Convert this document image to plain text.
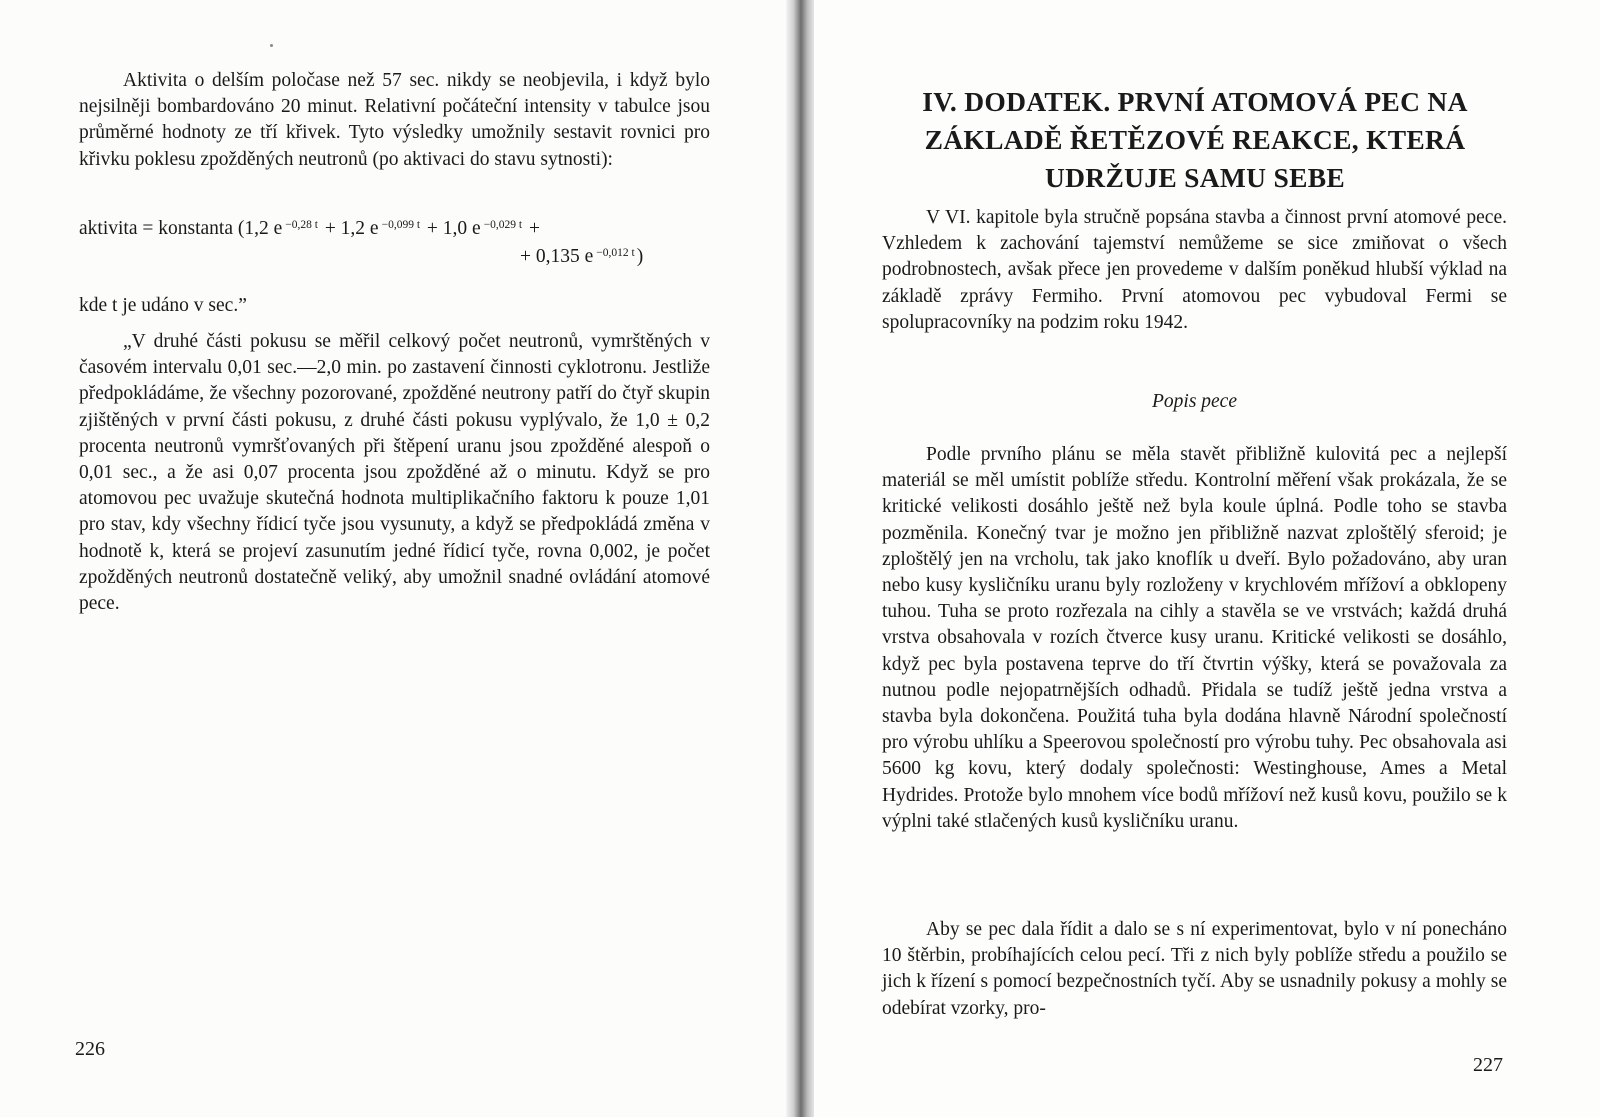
Aktivita o delším poločase než 57 sec. nikdy se neobjevila, i když bylo nejsilněji bombardováno 20 minut. Relativní počáteční intensity v tabulce jsou průměrné hodnoty ze tří křivek. Tyto výsledky umožnily sestavit rovnici pro křivku poklesu zpožděných neutronů (po aktivaci do stavu sytnosti):

aktivita = konstanta (1,2 e $^{-0,28 t}$ + 1,2 e $^{-0,099 t}$ + 1,0 e $^{-0,029 t}$ +
+ 0,135 e $^{-0,012 t}$ )

kde t je udáno v sec.”

„V druhé části pokusu se měřil celkový počet neutronů, vymrštěných v časovém intervalu 0,01 sec.—2,0 min. po zastavení činnosti cyklotronu. Jestliže předpokládáme, že všechny pozorované, zpožděné neutrony patří do čtyř skupin zjištěných v první části pokusu, z druhé části pokusu vyplývalo, že 1,0 ± 0,2 procenta neutronů vymršťovaných při štěpení uranu jsou zpožděné alespoň o 0,01 sec., a že asi 0,07 procenta jsou zpožděné až o minutu. Když se pro atomovou pec uvažuje skutečná hodnota multiplikačního faktoru k pouze 1,01 pro stav, kdy všechny řídicí tyče jsou vysunuty, a když se předpokládá změna v hodnotě k, která se projeví zasunutím jedné řídicí tyče, rovna 0,002, je počet zpožděných neutronů dostatečně veliký, aby umožnil snadné ovládání atomové pece.

226
IV. DODATEK. PRVNÍ ATOMOVÁ PEC NA ZÁKLADĚ ŘETĚZOVÉ REAKCE, KTERÁ UDRŽUJE SAMU SEBE

V VI. kapitole byla stručně popsána stavba a činnost první atomové pece. Vzhledem k zachování tajemství nemůžeme se sice zmiňovat o všech podrobnostech, avšak přece jen provedeme v dalším poněkud hlubší výklad na základě zprávy Fermiho. První atomovou pec vybudoval Fermi se spolupracovníky na podzim roku 1942.

Popis pece

Podle prvního plánu se měla stavět přibližně kulovitá pec a nejlepší materiál se měl umístit poblíže středu. Kontrolní měření však prokázala, že se kritické velikosti dosáhlo ještě než byla koule úplná. Podle toho se stavba pozměnila. Konečný tvar je možno jen přibližně nazvat zploštělý sferoid; je zploštělý jen na vrcholu, tak jako knoflík u dveří. Bylo požadováno, aby uran nebo kusy kysličníku uranu byly rozloženy v krychlovém mřížoví a obklopeny tuhou. Tuha se proto rozřezala na cihly a stavěla se ve vrstvách; každá druhá vrstva obsahovala v rozích čtverce kusy uranu. Kritické velikosti se dosáhlo, když pec byla postavena teprve do tří čtvrtin výšky, která se považovala za nutnou podle nejopatrnějších odhadů. Přidala se tudíž ještě jedna vrstva a stavba byla dokončena. Použitá tuha byla dodána hlavně Národní společností pro výrobu uhlíku a Speerovou společností pro výrobu tuhy. Pec obsahovala asi 5600 kg kovu, který dodaly společnosti: Westinghouse, Ames a Metal Hydrides. Protože bylo mnohem více bodů mřížoví než kusů kovu, použilo se k výplni také stlačených kusů kysličníku uranu.

Aby se pec dala řídit a dalo se s ní experimentovat, bylo v ní ponecháno 10 štěrbin, probíhajících celou pecí. Tři z nich byly poblíže středu a použilo se jich k řízení s pomocí bezpečnostních tyčí. Aby se usnadnily pokusy a mohly se odebírat vzorky, pro-

227
